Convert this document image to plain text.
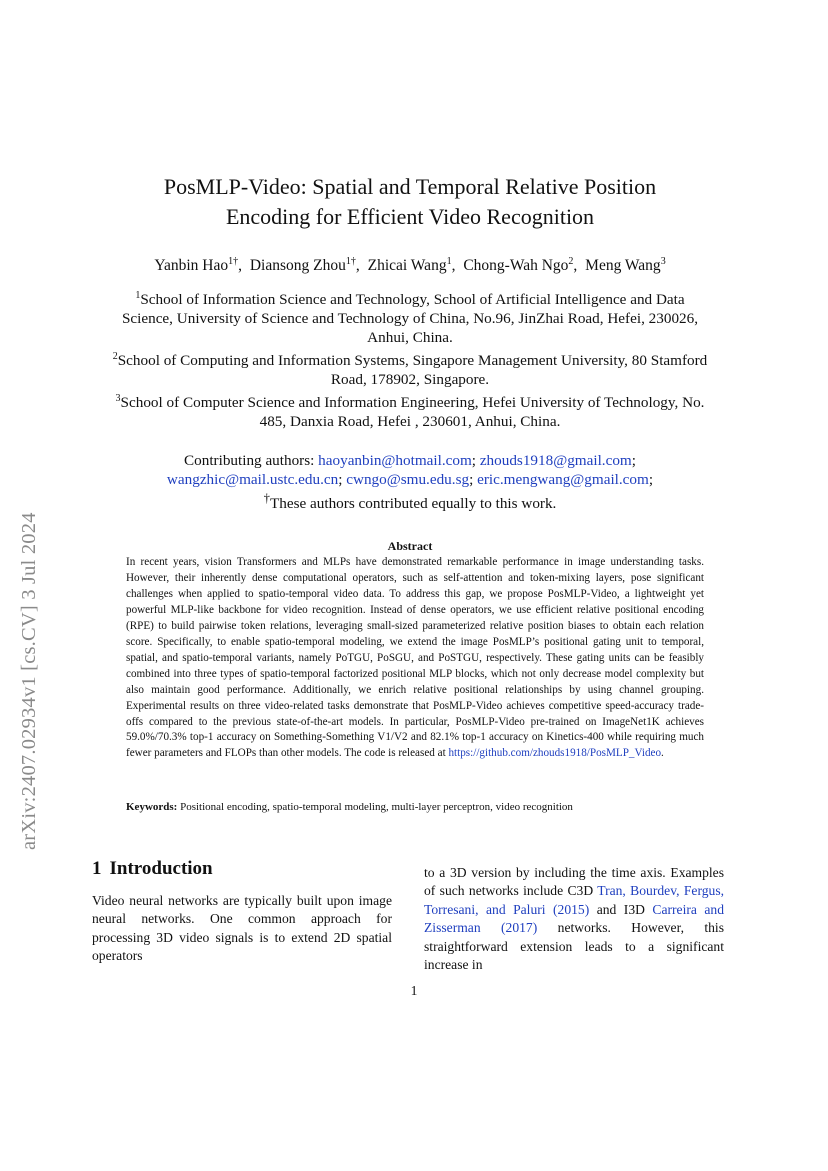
arXiv:2407.02934v1 [cs.CV] 3 Jul 2024
PosMLP-Video: Spatial and Temporal Relative Position
Encoding for Efficient Video Recognition
Yanbin Hao$^{1\dagger}$, Diansong Zhou$^{1\dagger}$, Zhicai Wang$^1$, Chong-Wah Ngo$^2$, Meng Wang$^3$

$^1$School of Information Science and Technology, School of Artificial Intelligence and Data Science, University of Science and Technology of China, No.96, JinZhai Road, Hefei, 230026, Anhui, China.

$^2$School of Computing and Information Systems, Singapore Management University, 80 Stamford Road, 178902, Singapore.

$^3$School of Computer Science and Information Engineering, Hefei University of Technology, No. 485, Danxia Road, Hefei , 230601, Anhui, China.

Contributing authors: haoyanbin@hotmail.com; zhouds1918@gmail.com;
wangzhic@mail.ustc.edu.cn; cwngo@smu.edu.sg; eric.mengwang@gmail.com;
†These authors contributed equally to this work.
Abstract

In recent years, vision Transformers and MLPs have demonstrated remarkable performance in image understanding tasks. However, their inherently dense computational operators, such as self-attention and token-mixing layers, pose significant challenges when applied to spatio-temporal video data. To address this gap, we propose PosMLP-Video, a lightweight yet powerful MLP-like backbone for video recognition. Instead of dense operators, we use efficient relative positional encoding (RPE) to build pairwise token relations, leveraging small-sized parameterized relative position biases to obtain each relation score. Specifically, to enable spatio-temporal modeling, we extend the image PosMLP’s positional gating unit to temporal, spatial, and spatio-temporal variants, namely PoTGU, PoSGU, and PoSTGU, respectively. These gating units can be feasibly combined into three types of spatio-temporal factorized positional MLP blocks, which not only decrease model complexity but also maintain good performance. Additionally, we enrich relative positional relationships by using channel grouping. Experimental results on three video-related tasks demonstrate that PosMLP-Video achieves competitive speed-accuracy trade-offs compared to the previous state-of-the-art models. In particular, PosMLP-Video pre-trained on ImageNet1K achieves 59.0%/70.3% top-1 accuracy on Something-Something V1/V2 and 82.1% top-1 accuracy on Kinetics-400 while requiring much fewer parameters and FLOPs than other models. The code is released at https://github.com/zhouds1918/PosMLP_Video.

Keywords: Positional encoding, spatio-temporal modeling, multi-layer perceptron, video recognition
1 Introduction

Video neural networks are typically built upon image neural networks. One common approach for processing 3D video signals is to extend 2D spatial operators

to a 3D version by including the time axis. Examples of such networks include C3D Tran, Bourdev, Fergus, Torresani, and Paluri (2015) and I3D Carreira and Zisserman (2017) networks. However, this straightforward extension leads to a significant increase in

1
